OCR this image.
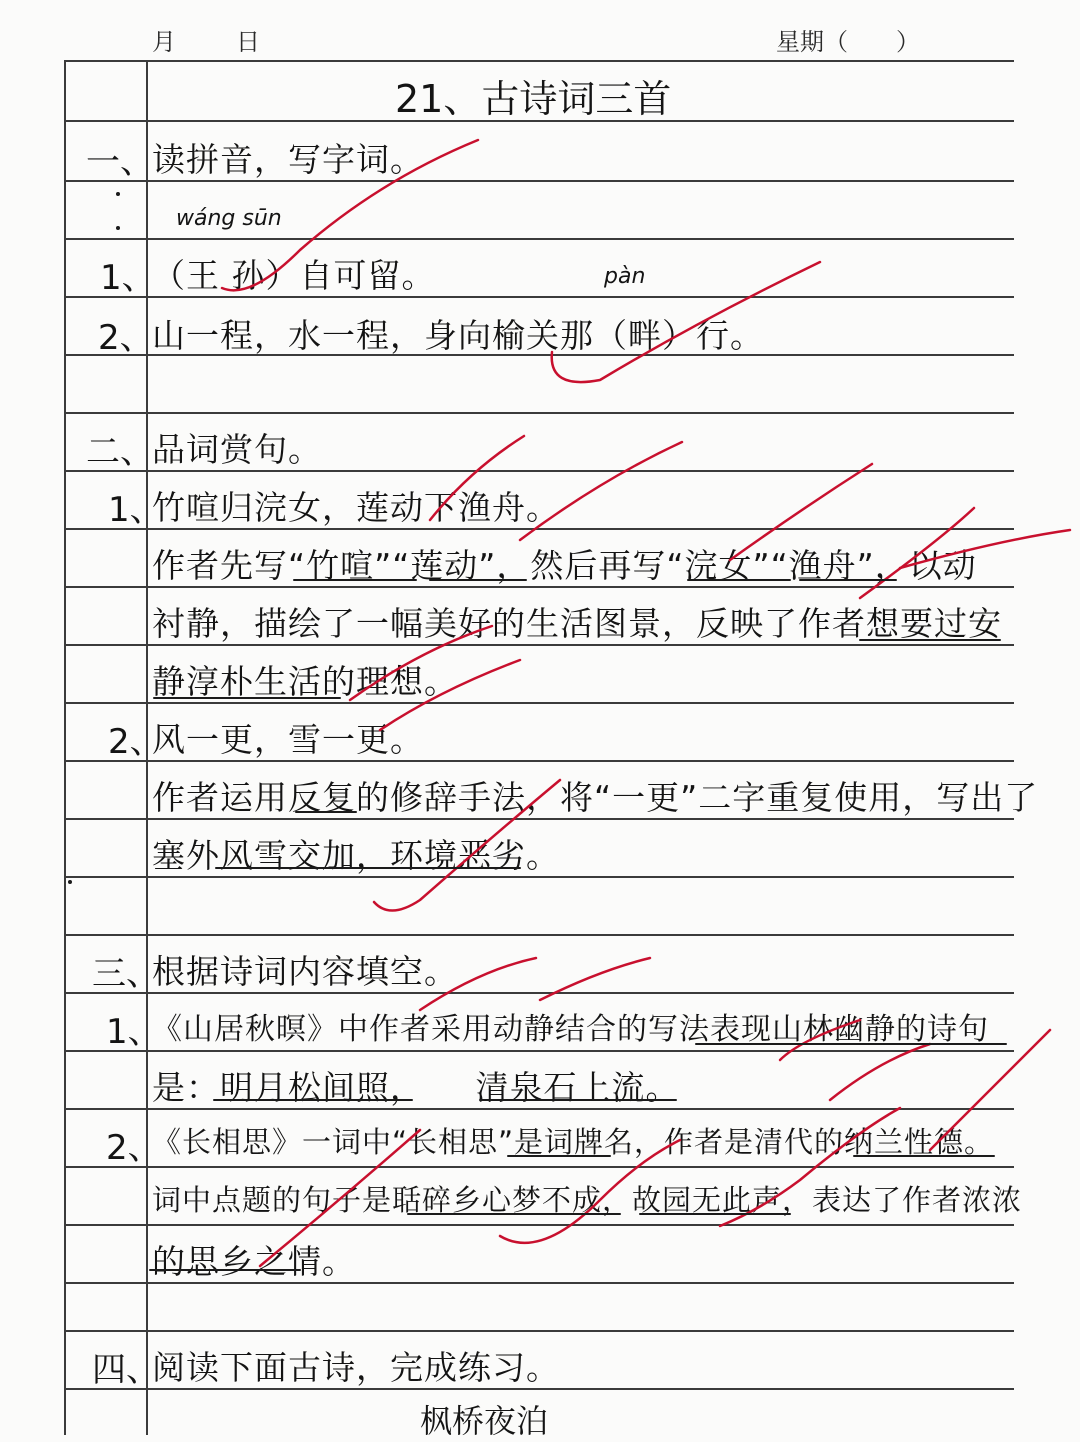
月	日	星期（　　）
21、古诗词三首
一、
读拼音，写字词。
wáng sūn
1、
（王 孙）自可留。	pàn
2、
山一程，水一程，身向榆关那（畔）行。
二、
品词赏句。
1、
竹喧归浣女，莲动下渔舟。
作者先写“竹喧”“莲动”，然后再写“浣女”“渔舟”，以动
衬静，描绘了一幅美好的生活图景，反映了作者想要过安
静淳朴生活的理想。
2、
风一更，雪一更。
作者运用反复的修辞手法，将“一更”二字重复使用，写出了
塞外风雪交加，环境恶劣。
三、
根据诗词内容填空。
1、
《山居秋暝》中作者采用动静结合的写法表现山林幽静的诗句
是：明月松间照，　　清泉石上流。
2、
《长相思》一词中“长相思”是词牌名，作者是清代的纳兰性德。
词中点题的句子是聒碎乡心梦不成，故园无此声，表达了作者浓浓
的思乡之情。
四、
阅读下面古诗，完成练习。
枫桥夜泊
